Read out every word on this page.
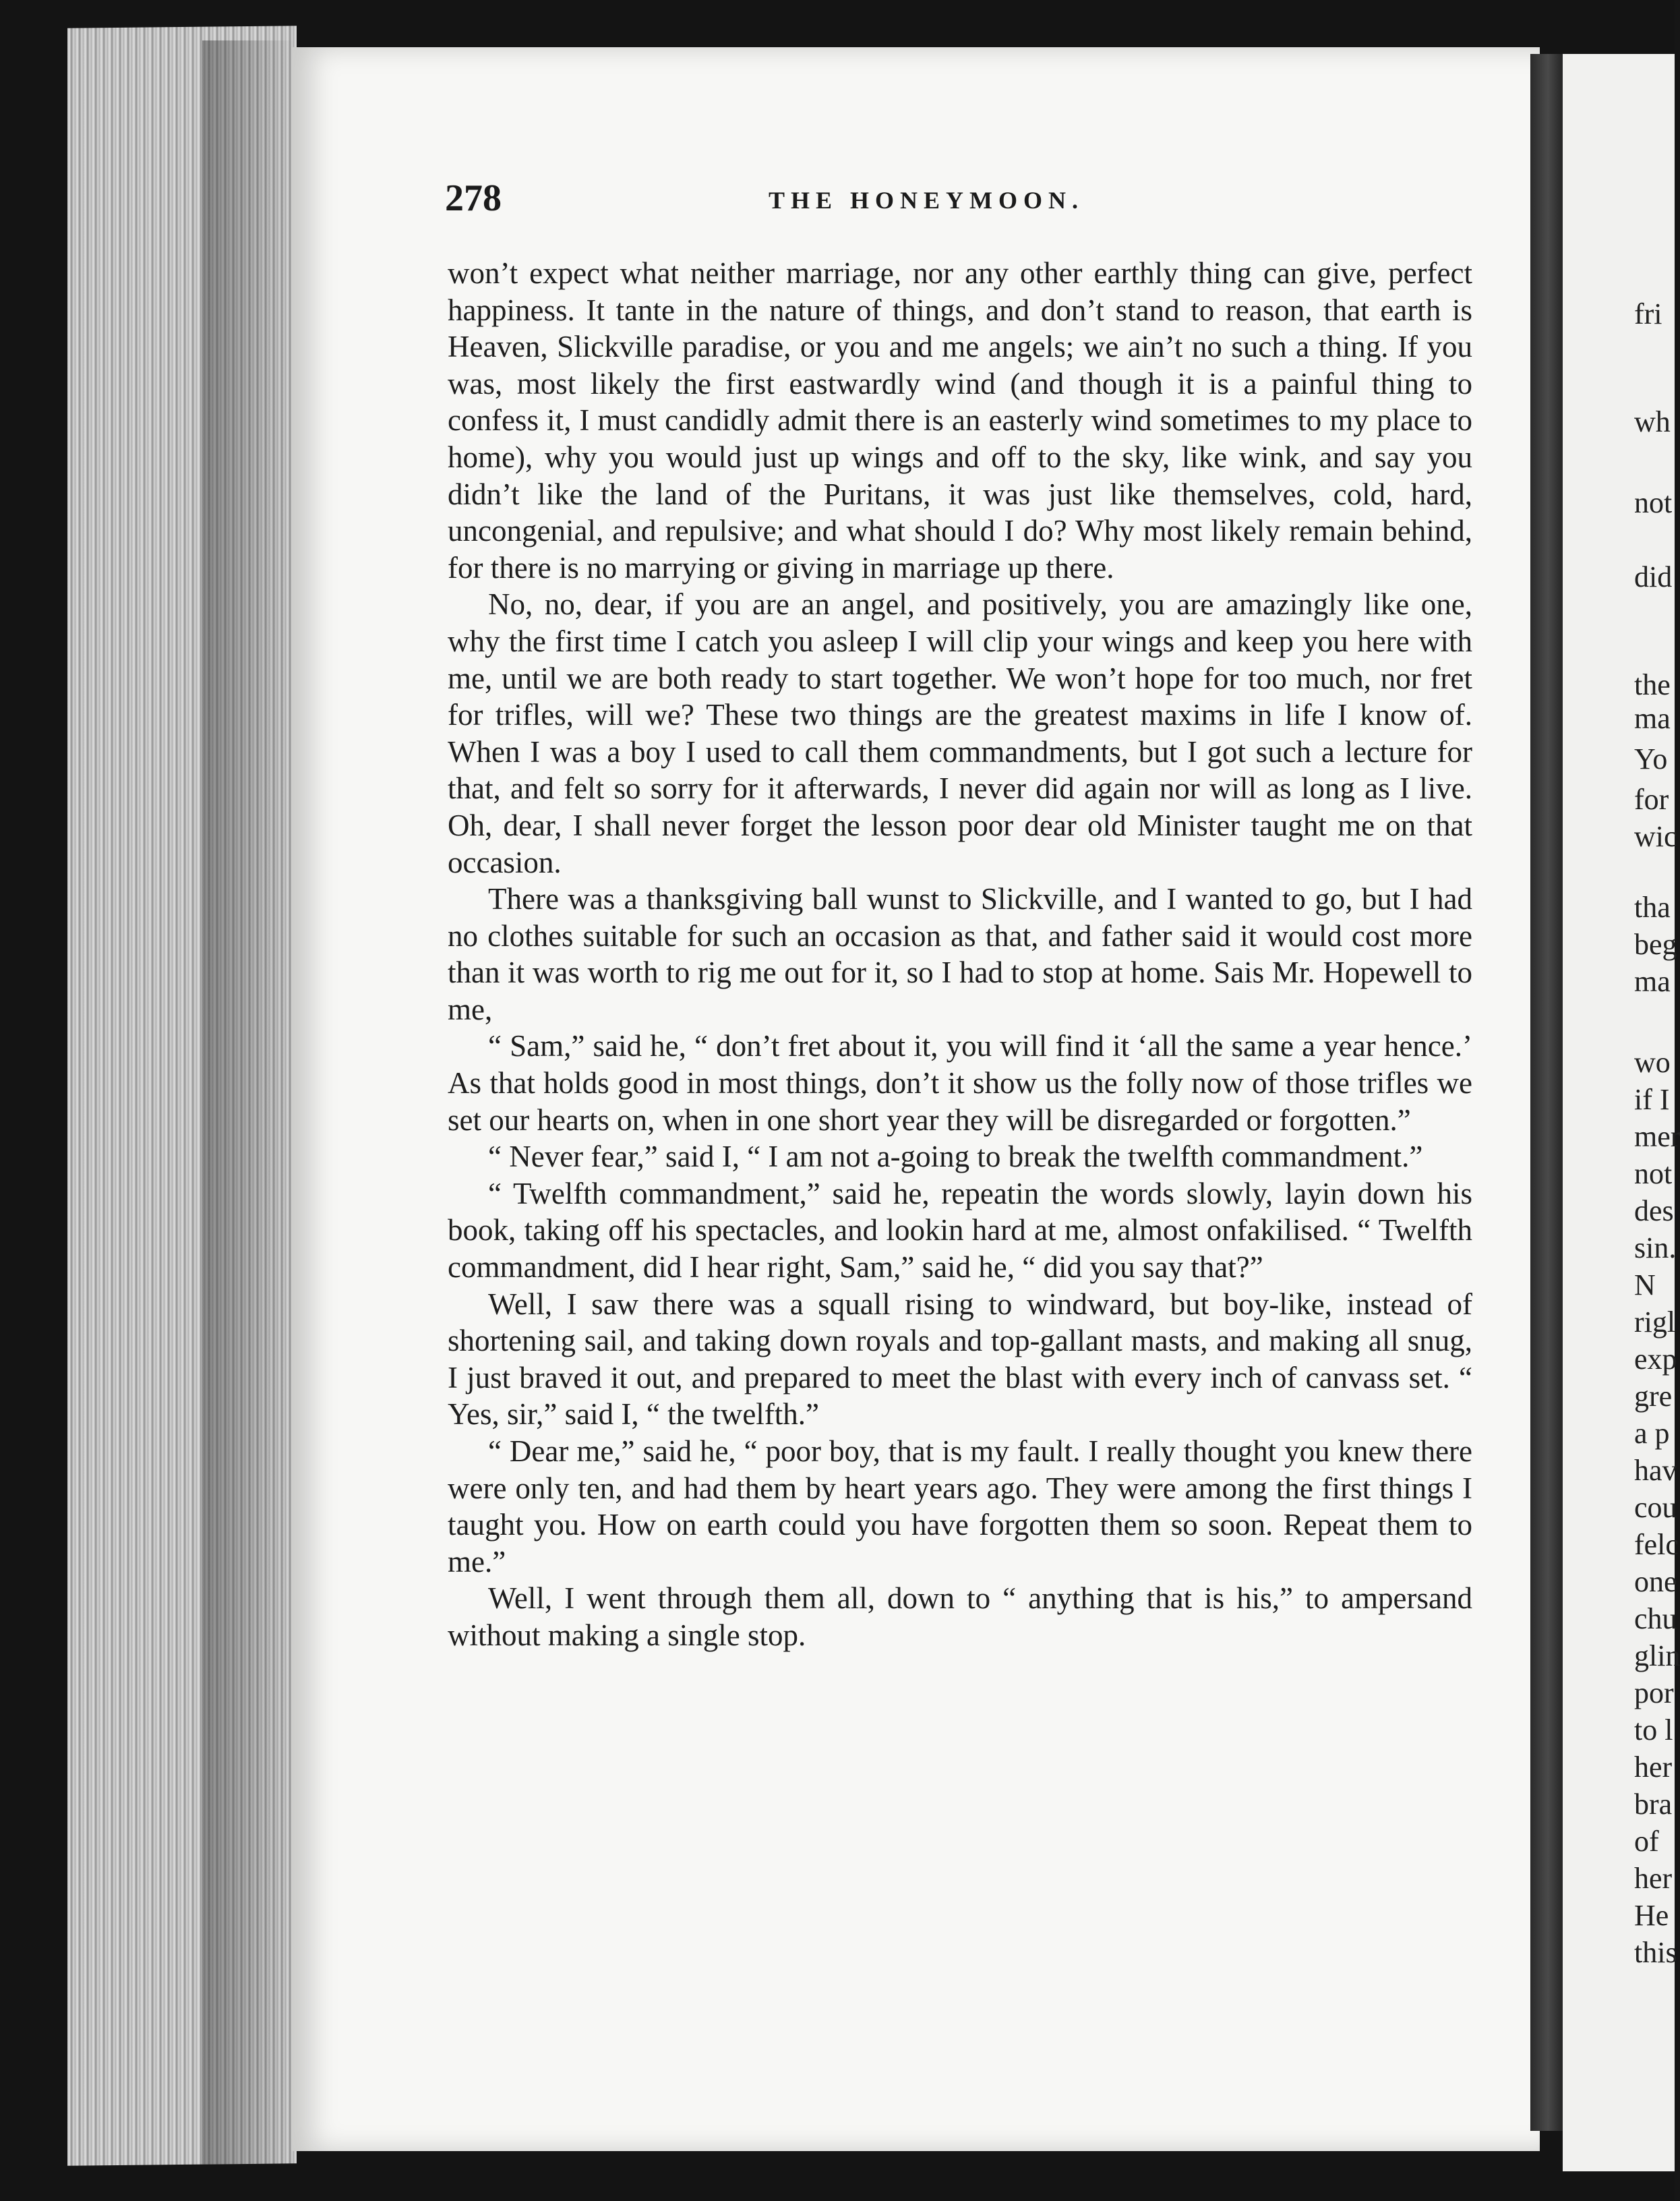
278	THE HONEYMOON.

won’t expect what neither marriage, nor any other earthly thing can give, perfect happiness. It tante in the nature of things, and don’t stand to reason, that earth is Heaven, Slickville paradise, or you and me angels; we ain’t no such a thing. If you was, most likely the first eastwardly wind (and though it is a painful thing to confess it, I must candidly admit there is an easterly wind sometimes to my place to home), why you would just up wings and off to the sky, like wink, and say you didn’t like the land of the Puritans, it was just like themselves, cold, hard, uncongenial, and repulsive; and what should I do? Why most likely remain behind, for there is no marrying or giving in marriage up there.

No, no, dear, if you are an angel, and positively, you are amazingly like one, why the first time I catch you asleep I will clip your wings and keep you here with me, until we are both ready to start together. We won’t hope for too much, nor fret for trifles, will we? These two things are the greatest maxims in life I know of. When I was a boy I used to call them commandments, but I got such a lecture for that, and felt so sorry for it afterwards, I never did again nor will as long as I live. Oh, dear, I shall never forget the lesson poor dear old Minister taught me on that occasion.

There was a thanksgiving ball wunst to Slickville, and I wanted to go, but I had no clothes suitable for such an occasion as that, and father said it would cost more than it was worth to rig me out for it, so I had to stop at home. Sais Mr. Hopewell to me,

“ Sam,” said he, “ don’t fret about it, you will find it ‘all the same a year hence.’ As that holds good in most things, don’t it show us the folly now of those trifles we set our hearts on, when in one short year they will be disregarded or forgotten.”

“ Never fear,” said I, “ I am not a-going to break the twelfth commandment.”

“ Twelfth commandment,” said he, repeatin the words slowly, layin down his book, taking off his spectacles, and lookin hard at me, almost onfakilised. “ Twelfth commandment, did I hear right, Sam,” said he, “ did you say that?”

Well, I saw there was a squall rising to windward, but boy-like, instead of shortening sail, and taking down royals and top-gallant masts, and making all snug, I just braved it out, and prepared to meet the blast with every inch of canvass set. “ Yes, sir,” said I, “ the twelfth.”

“ Dear me,” said he, “ poor boy, that is my fault. I really thought you knew there were only ten, and had them by heart years ago. They were among the first things I taught you. How on earth could you have forgotten them so soon. Repeat them to me.”

Well, I went through them all, down to “ anything that is his,” to ampersand without making a single stop.

fri
wh
not
did
the
ma
Yo
for
wic
tha
beg
ma
wo
if I
mer
not
des
sin.
N
rigl
exp
gre
a p
hav
cou
felc
one
chu
glin
por
to l
her
bra
of
her
He
this
